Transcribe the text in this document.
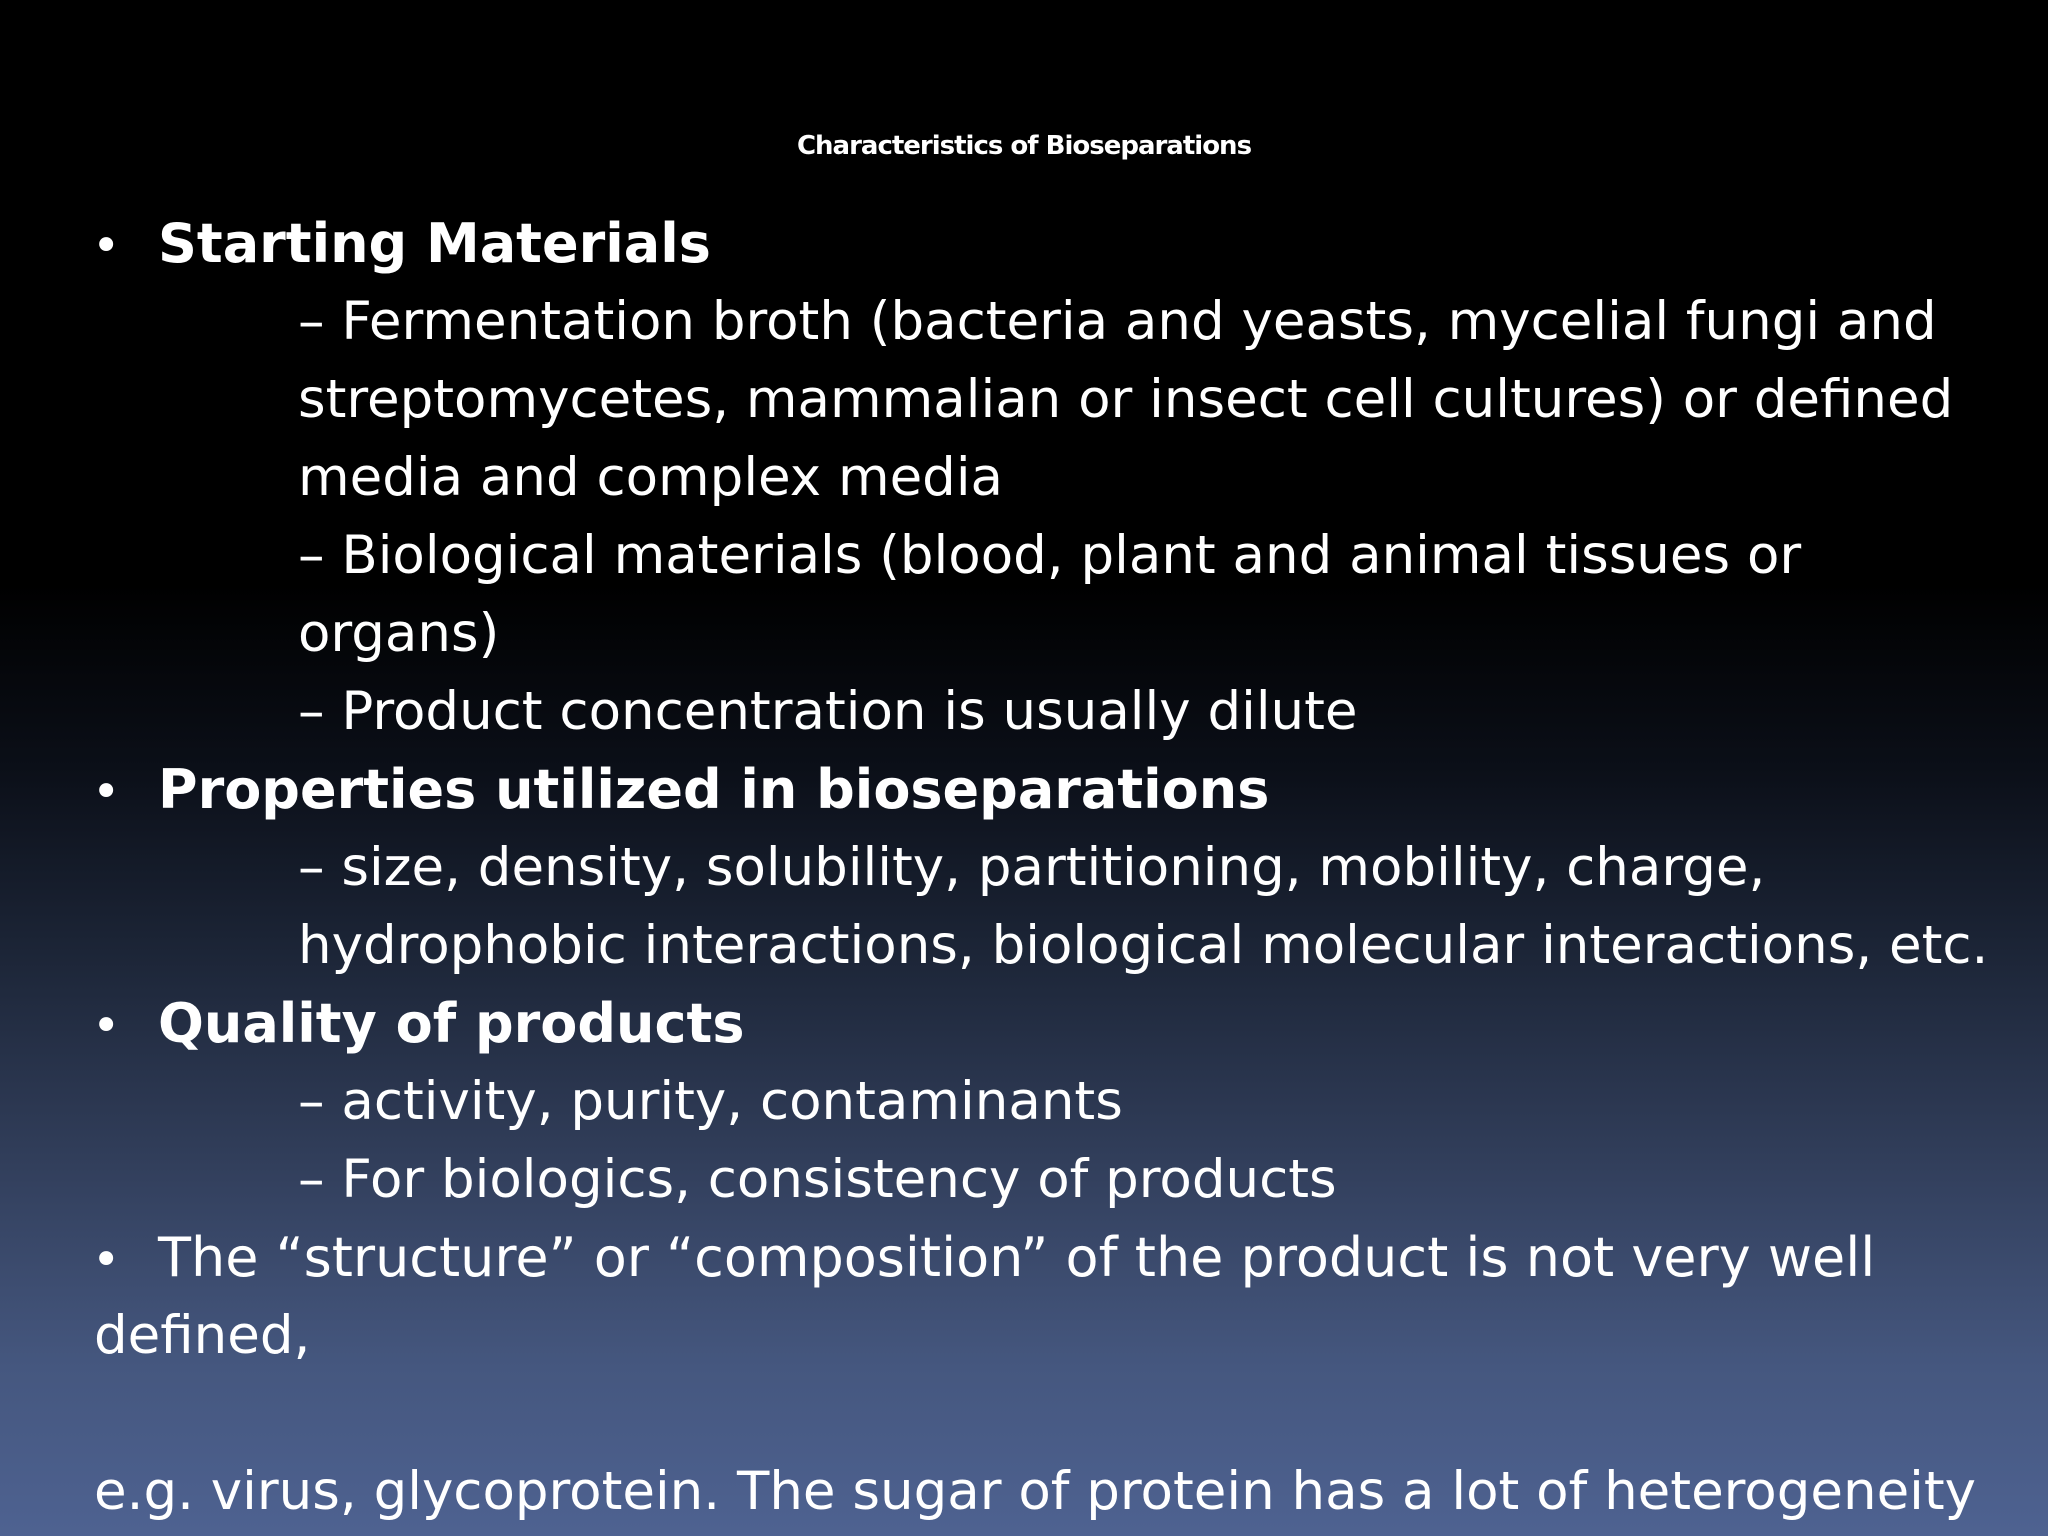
Characteristics of Bioseparations
• Starting Materials
– Fermentation broth (bacteria and yeasts, mycelial fungi and
streptomycetes, mammalian or insect cell cultures) or defined
media and complex media
– Biological materials (blood, plant and animal tissues or
organs)
– Product concentration is usually dilute
• Properties utilized in bioseparations
– size, density, solubility, partitioning, mobility, charge,
hydrophobic interactions, biological molecular interactions, etc.
• Quality of products
– activity, purity, contaminants
– For biologics, consistency of products
• The “structure” or “composition” of the product is not very well
defined,
e.g. virus, glycoprotein. The sugar of protein has a lot of heterogeneity
